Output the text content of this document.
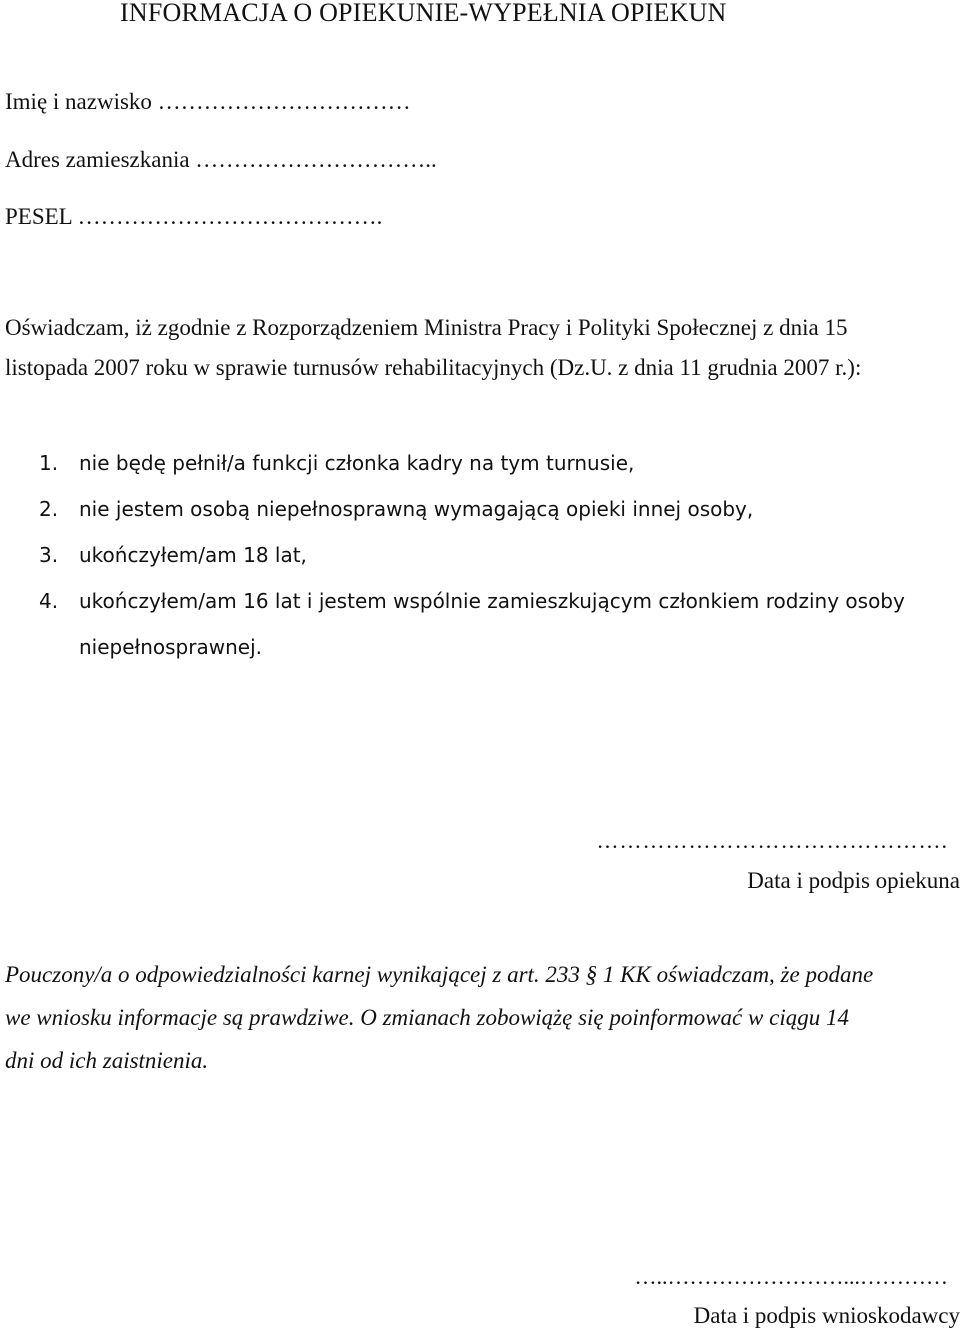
INFORMACJA O OPIEKUNIE-WYPEŁNIA OPIEKUN
Imię i nazwisko ……………………………
Adres zamieszkania …………………………..
PESEL ………………………………….
Oświadczam, iż zgodnie z Rozporządzeniem Ministra Pracy i Polityki Społecznej z dnia 15
listopada 2007 roku w sprawie turnusów rehabilitacyjnych (Dz.U. z dnia 11 grudnia 2007 r.):
1.	nie będę pełnił/a funkcji członka kadry na tym turnusie,
2.	nie jestem osobą niepełnosprawną wymagającą opieki innej osoby,
3.	ukończyłem/am 18 lat,
4.	ukończyłem/am 16 lat i jestem wspólnie zamieszkującym członkiem rodziny osoby niepełnosprawnej.
……………………………………….
Data i podpis opiekuna
Pouczony/a o odpowiedzialności karnej wynikającej z art. 233 § 1 KK oświadczam, że podane
we wniosku informacje są prawdziwe. O zmianach zobowiążę się poinformować w ciągu 14
dni od ich zaistnienia.
…..……………………...…………
Data i podpis wnioskodawcy
